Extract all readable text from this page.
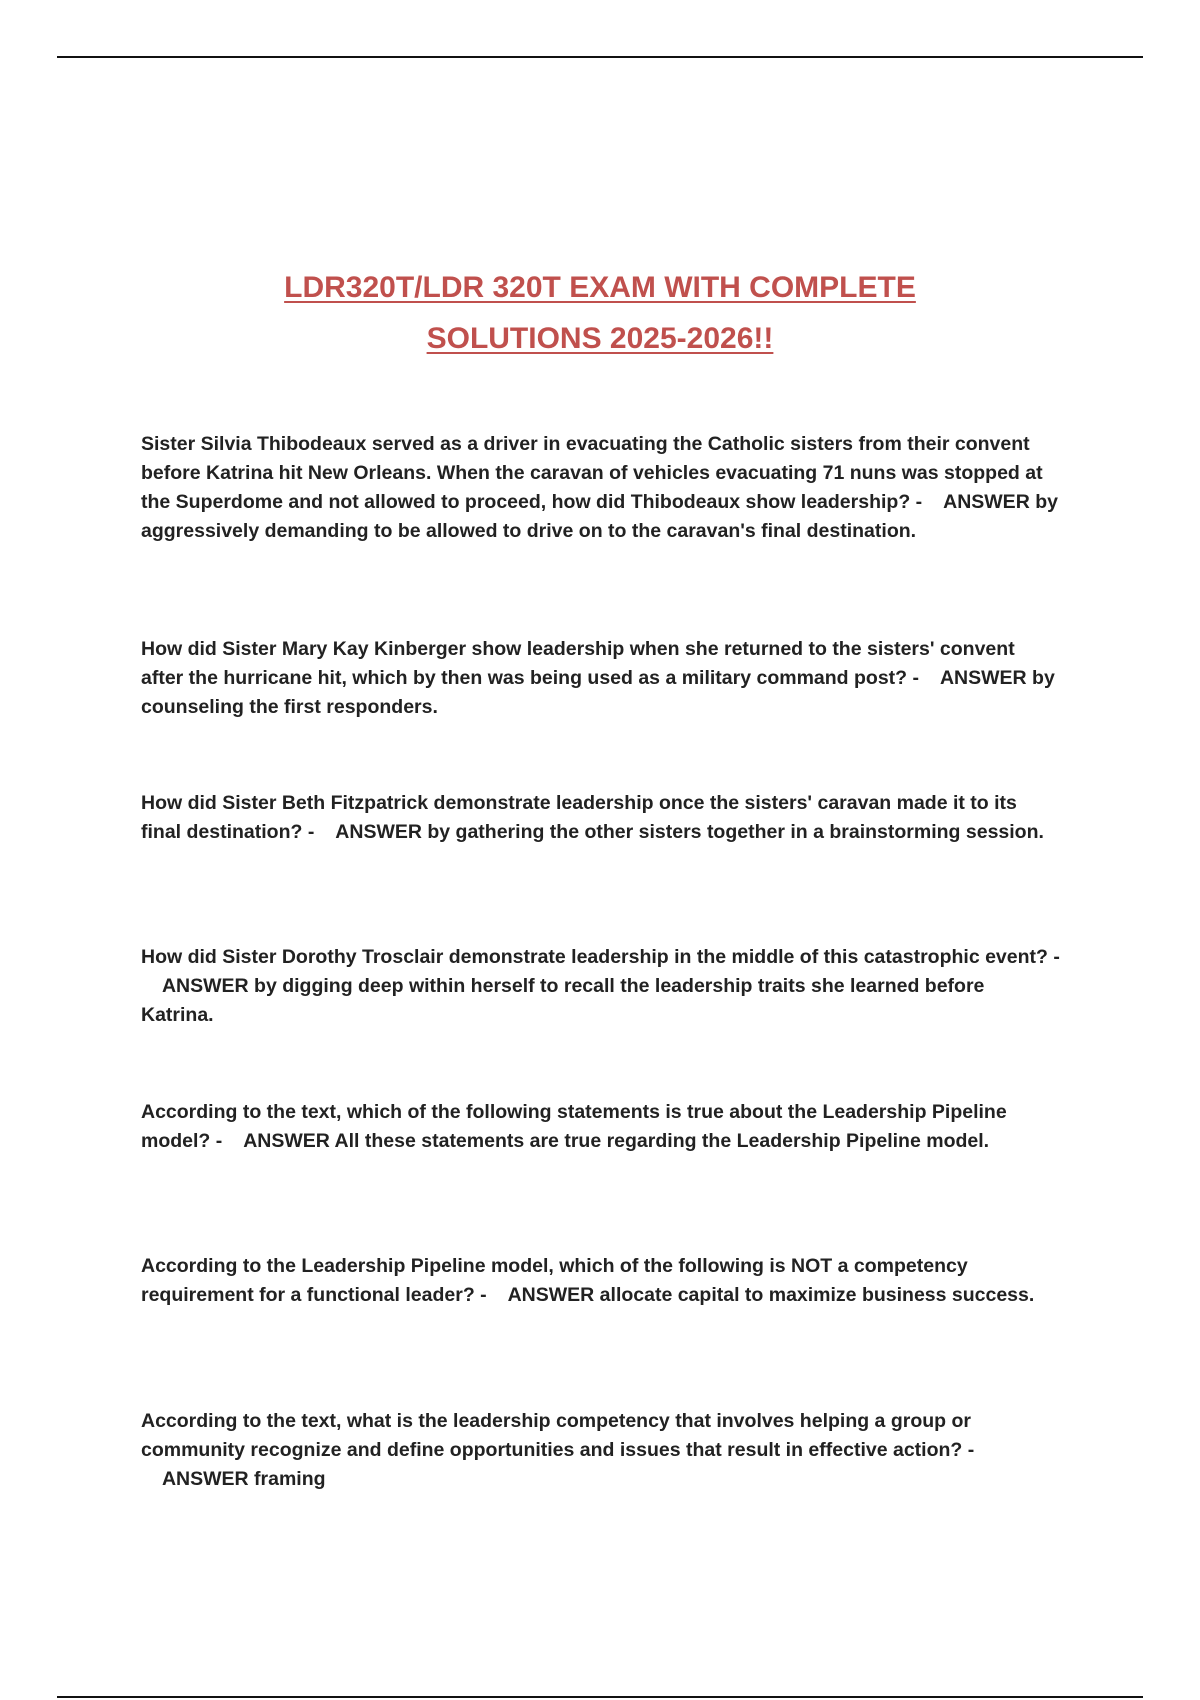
LDR320T/LDR 320T EXAM WITH COMPLETE
SOLUTIONS 2025-2026!!
Sister Silvia Thibodeaux served as a driver in evacuating the Catholic sisters from their convent before Katrina hit New Orleans. When the caravan of vehicles evacuating 71 nuns was stopped at the Superdome and not allowed to proceed, how did Thibodeaux show leadership? - ANSWER by aggressively demanding to be allowed to drive on to the caravan's final destination.
How did Sister Mary Kay Kinberger show leadership when she returned to the sisters' convent after the hurricane hit, which by then was being used as a military command post? - ANSWER by counseling the first responders.
How did Sister Beth Fitzpatrick demonstrate leadership once the sisters' caravan made it to its final destination? - ANSWER by gathering the other sisters together in a brainstorming session.
How did Sister Dorothy Trosclair demonstrate leadership in the middle of this catastrophic event? -    ANSWER by digging deep within herself to recall the leadership traits she learned before Katrina.
According to the text, which of the following statements is true about the Leadership Pipeline model? - ANSWER All these statements are true regarding the Leadership Pipeline model.
According to the Leadership Pipeline model, which of the following is NOT a competency requirement for a functional leader? - ANSWER allocate capital to maximize business success.
According to the text, what is the leadership competency that involves helping a group or community recognize and define opportunities and issues that result in effective action? -    ANSWER framing
